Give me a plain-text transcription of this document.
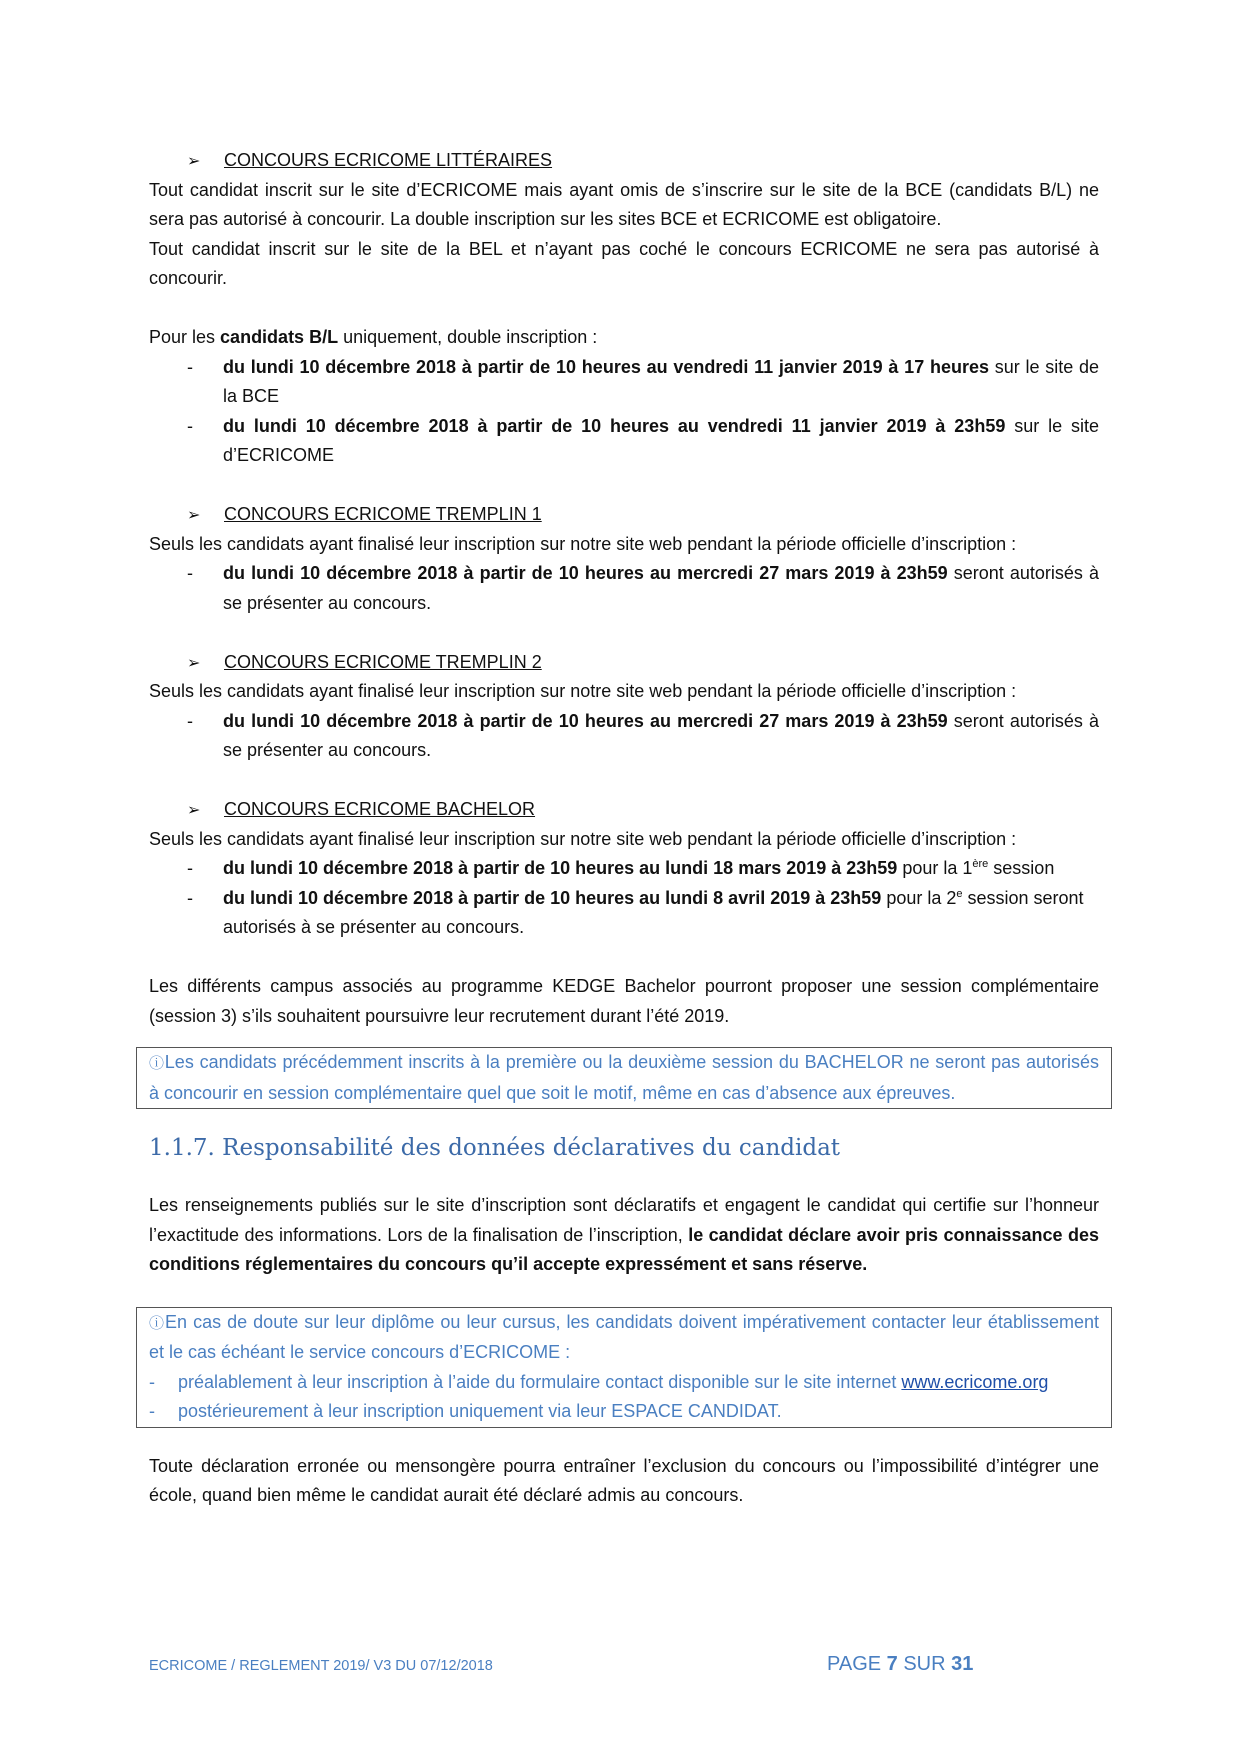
➢ CONCOURS ECRICOME LITTÉRAIRES

Tout candidat inscrit sur le site d’ECRICOME mais ayant omis de s’inscrire sur le site de la BCE (candidats B/L) ne sera pas autorisé à concourir. La double inscription sur les sites BCE et ECRICOME est obligatoire.

Tout candidat inscrit sur le site de la BEL et n’ayant pas coché le concours ECRICOME ne sera pas autorisé à concourir.

Pour les candidats B/L uniquement, double inscription :

- du lundi 10 décembre 2018 à partir de 10 heures au vendredi 11 janvier 2019 à 17 heures sur le site de la BCE
- du lundi 10 décembre 2018 à partir de 10 heures au vendredi 11 janvier 2019 à 23h59 sur le site d’ECRICOME
➢ CONCOURS ECRICOME TREMPLIN 1

Seuls les candidats ayant finalisé leur inscription sur notre site web pendant la période officielle d’inscription :

- du lundi 10 décembre 2018 à partir de 10 heures au mercredi 27 mars 2019 à 23h59 seront autorisés à se présenter au concours.
➢ CONCOURS ECRICOME TREMPLIN 2

Seuls les candidats ayant finalisé leur inscription sur notre site web pendant la période officielle d’inscription :

- du lundi 10 décembre 2018 à partir de 10 heures au mercredi 27 mars 2019 à 23h59 seront autorisés à se présenter au concours.
➢ CONCOURS ECRICOME BACHELOR

Seuls les candidats ayant finalisé leur inscription sur notre site web pendant la période officielle d’inscription :

- du lundi 10 décembre 2018 à partir de 10 heures au lundi 18 mars 2019 à 23h59 pour la 1ère session
- du lundi 10 décembre 2018 à partir de 10 heures au lundi 8 avril 2019 à 23h59 pour la 2e session seront autorisés à se présenter au concours.

Les différents campus associés au programme KEDGE Bachelor pourront proposer une session complémentaire (session 3) s’ils souhaitent poursuivre leur recrutement durant l’été 2019.

ⓘLes candidats précédemment inscrits à la première ou la deuxième session du BACHELOR ne seront pas autorisés à concourir en session complémentaire quel que soit le motif, même en cas d’absence aux épreuves.
1.1.7. Responsabilité des données déclaratives du candidat

Les renseignements publiés sur le site d’inscription sont déclaratifs et engagent le candidat qui certifie sur l’honneur l’exactitude des informations. Lors de la finalisation de l’inscription, le candidat déclare avoir pris connaissance des conditions réglementaires du concours qu’il accepte expressément et sans réserve.

ⓘEn cas de doute sur leur diplôme ou leur cursus, les candidats doivent impérativement contacter leur établissement et le cas échéant le service concours d’ECRICOME :
- préalablement à leur inscription à l’aide du formulaire contact disponible sur le site internet www.ecricome.org
- postérieurement à leur inscription uniquement via leur ESPACE CANDIDAT.

Toute déclaration erronée ou mensongère pourra entraîner l’exclusion du concours ou l’impossibilité d’intégrer une école, quand bien même le candidat aurait été déclaré admis au concours.

ECRICOME / REGLEMENT 2019/ V3 DU 07/12/2018	PAGE 7 SUR 31
